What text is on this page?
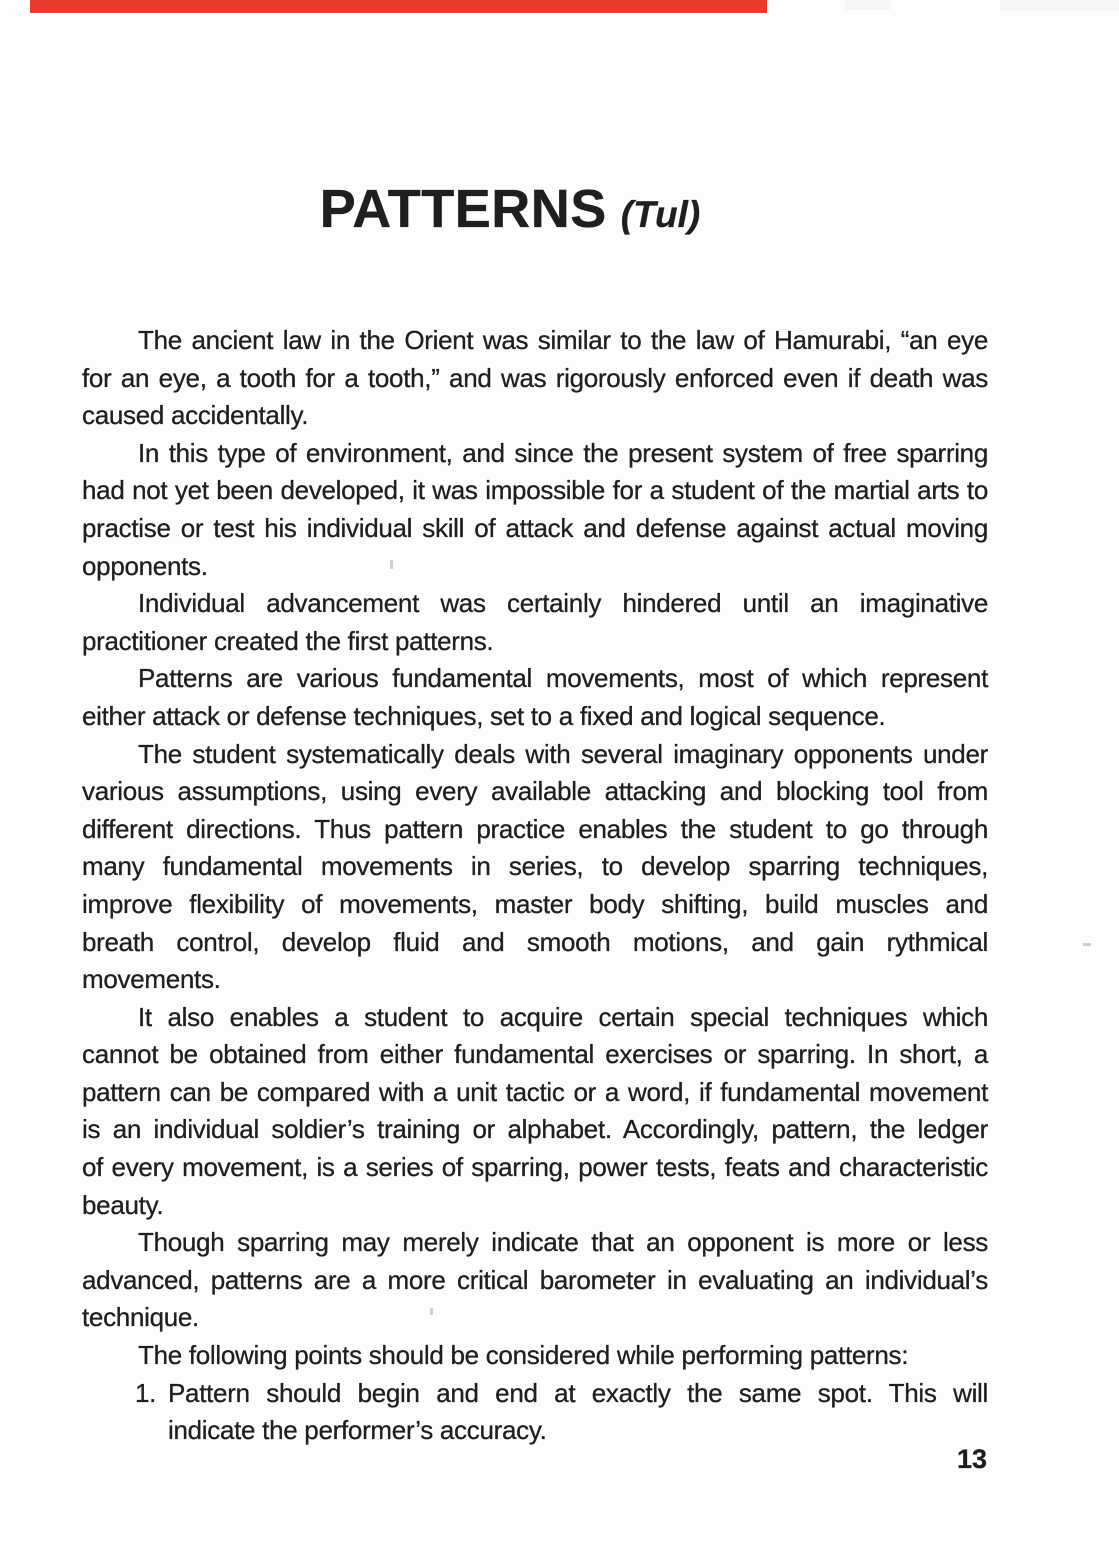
PATTERNS (Tul)
The ancient law in the Orient was similar to the law of Hamurabi, “an eye
for an eye, a tooth for a tooth,” and was rigorously enforced even if death was
caused accidentally.
In this type of environment, and since the present system of free sparring
had not yet been developed, it was impossible for a student of the martial arts to
practise or test his individual skill of attack and defense against actual moving
opponents.
Individual advancement was certainly hindered until an imaginative
practitioner created the first patterns.
Patterns are various fundamental movements, most of which represent
either attack or defense techniques, set to a fixed and logical sequence.
The student systematically deals with several imaginary opponents under
various assumptions, using every available attacking and blocking tool from
different directions. Thus pattern practice enables the student to go through
many fundamental movements in series, to develop sparring techniques,
improve flexibility of movements, master body shifting, build muscles and
breath control, develop fluid and smooth motions, and gain rythmical
movements.
It also enables a student to acquire certain special techniques which
cannot be obtained from either fundamental exercises or sparring. In short, a
pattern can be compared with a unit tactic or a word, if fundamental movement
is an individual soldier’s training or alphabet. Accordingly, pattern, the ledger
of every movement, is a series of sparring, power tests, feats and characteristic
beauty.
Though sparring may merely indicate that an opponent is more or less
advanced, patterns are a more critical barometer in evaluating an individual’s
technique.
The following points should be considered while performing patterns:
1. Pattern should begin and end at exactly the same spot. This will
indicate the performer’s accuracy.
13
